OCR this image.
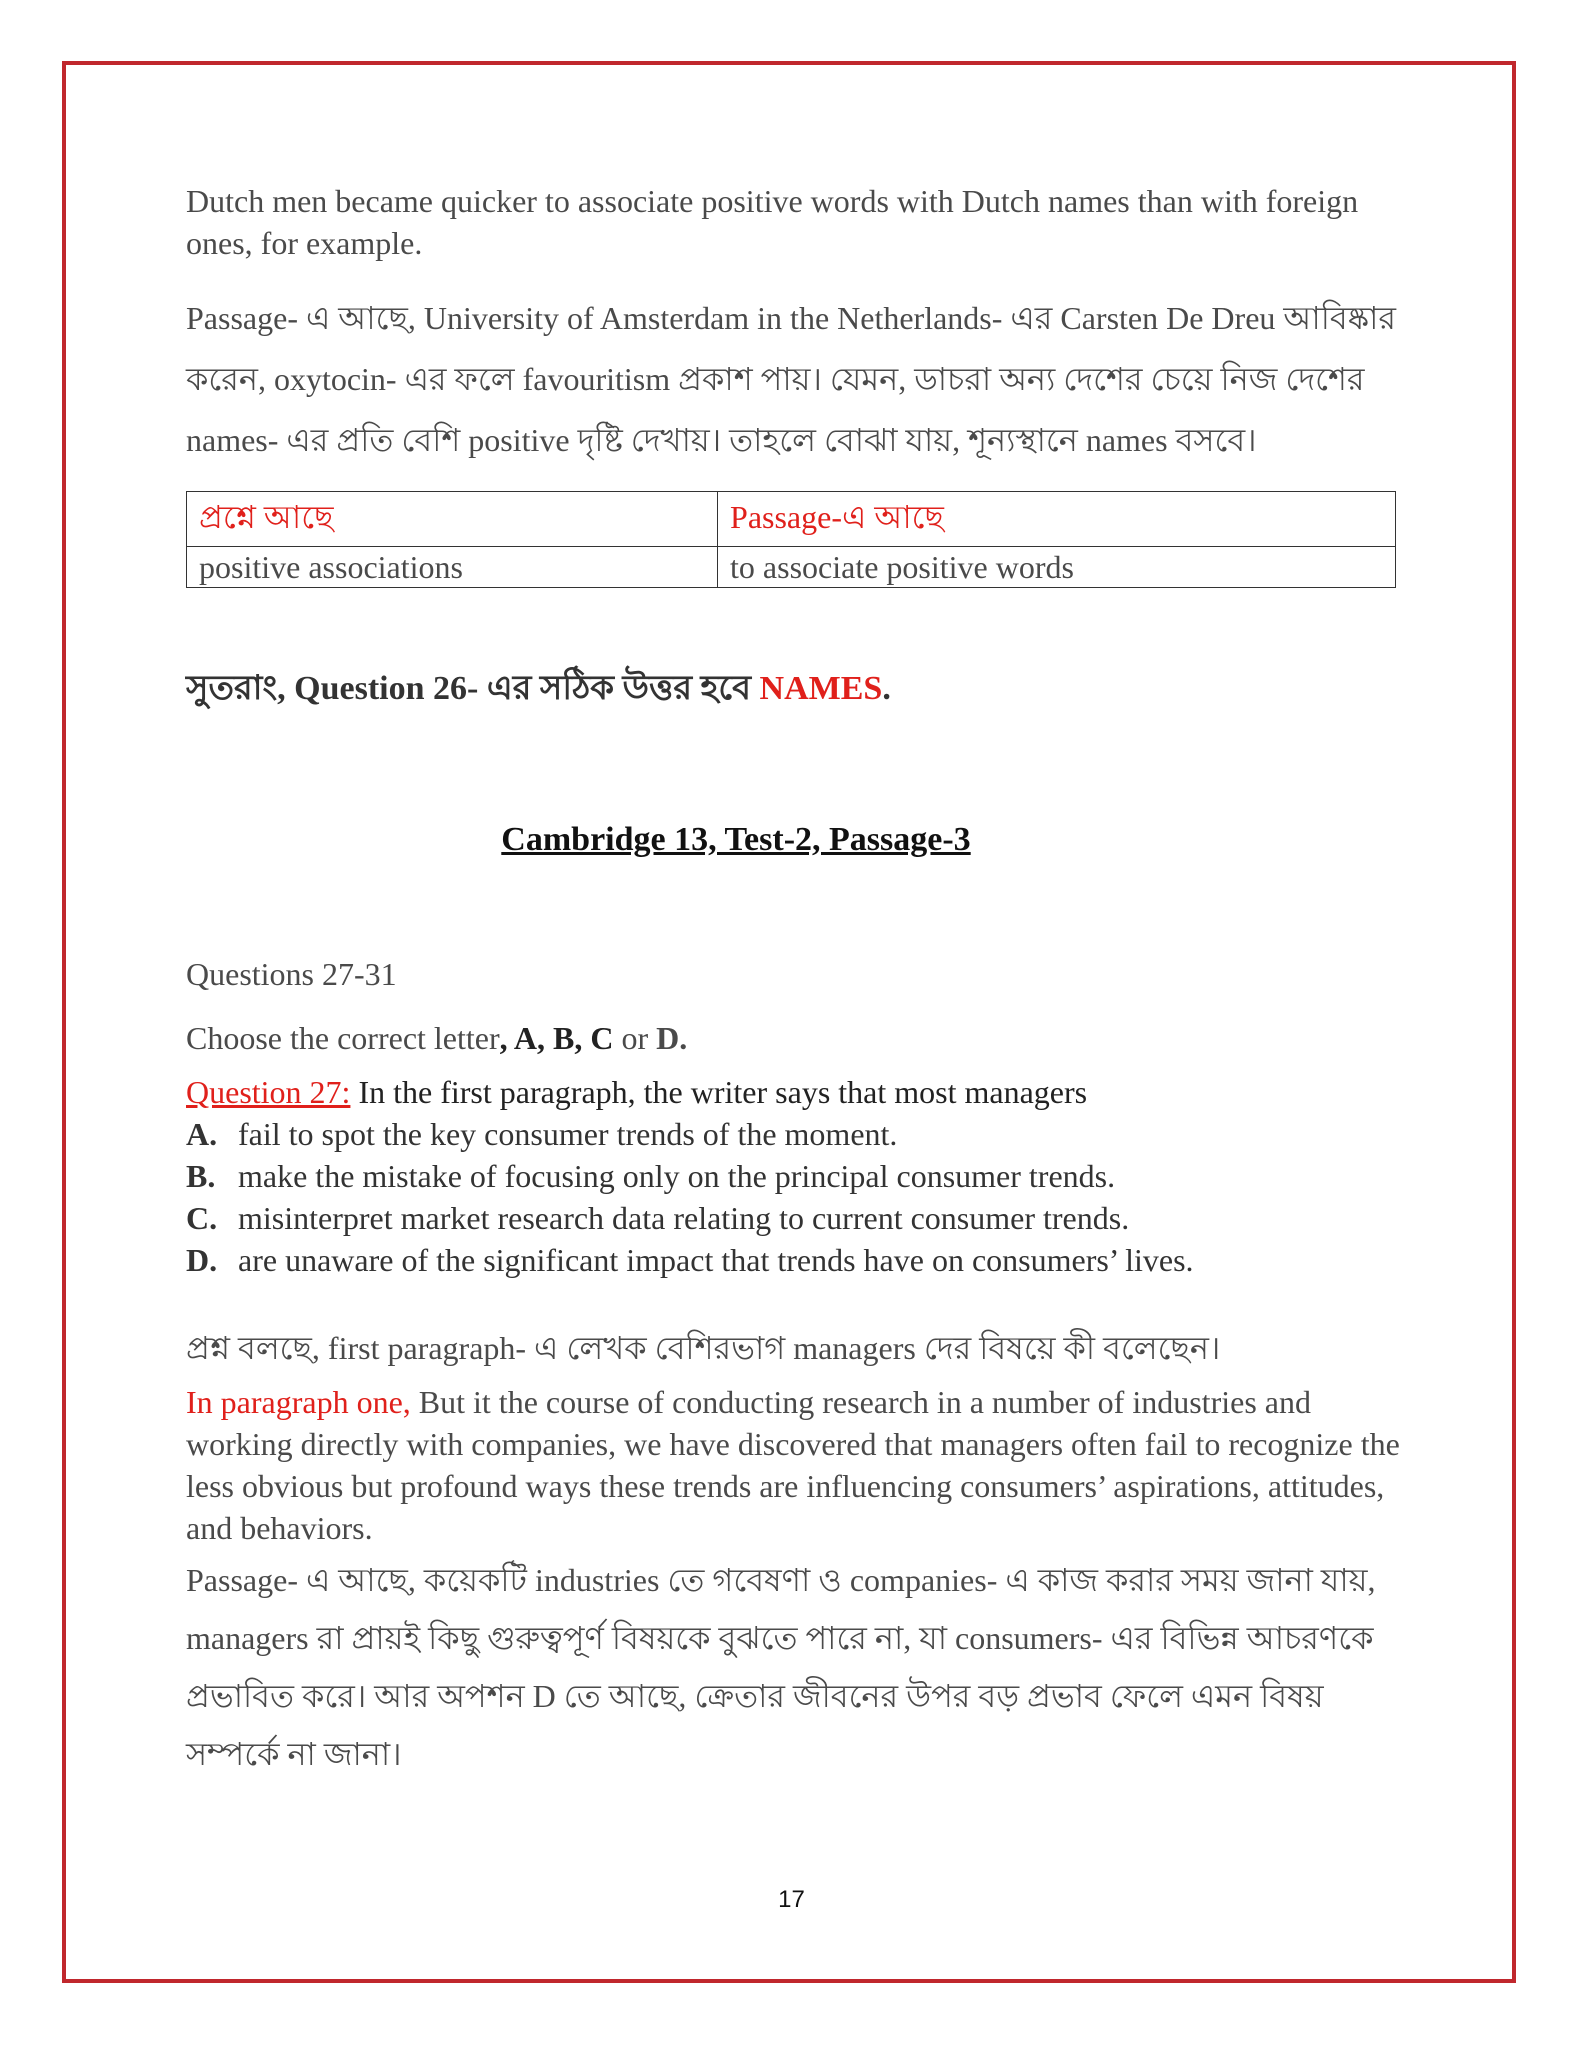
Dutch men became quicker to associate positive words with Dutch names than with foreign ones, for example.

Passage- এ আছে, University of Amsterdam in the Netherlands- এর Carsten De Dreu আবিষ্কার করেন, oxytocin- এর ফলে favouritism প্রকাশ পায়। যেমন, ডাচরা অন্য দেশের চেয়ে নিজ দেশের names- এর প্রতি বেশি positive দৃষ্টি দেখায়। তাহলে বোঝা যায়, শূন্যস্থানে names বসবে।

প্রশ্নে আছে	Passage-এ আছে
positive associations	to associate positive words

সুতরাং, Question 26- এর সঠিক উত্তর হবে NAMES.

Cambridge 13, Test-2, Passage-3

Questions 27-31

Choose the correct letter, A, B, C or D.

Question 27: In the first paragraph, the writer says that most managers

A. fail to spot the key consumer trends of the moment.

B. make the mistake of focusing only on the principal consumer trends.

C. misinterpret market research data relating to current consumer trends.

D. are unaware of the significant impact that trends have on consumers’ lives.

প্রশ্ন বলছে, first paragraph- এ লেখক বেশিরভাগ managers দের বিষয়ে কী বলেছেন।

In paragraph one, But it the course of conducting research in a number of industries and working directly with companies, we have discovered that managers often fail to recognize the less obvious but profound ways these trends are influencing consumers’ aspirations, attitudes, and behaviors.

Passage- এ আছে, কয়েকটি industries তে গবেষণা ও companies- এ কাজ করার সময় জানা যায়, managers রা প্রায়ই কিছু গুরুত্বপূর্ণ বিষয়কে বুঝতে পারে না, যা consumers- এর বিভিন্ন আচরণকে প্রভাবিত করে। আর অপশন D তে আছে, ক্রেতার জীবনের উপর বড় প্রভাব ফেলে এমন বিষয় সম্পর্কে না জানা।

17
